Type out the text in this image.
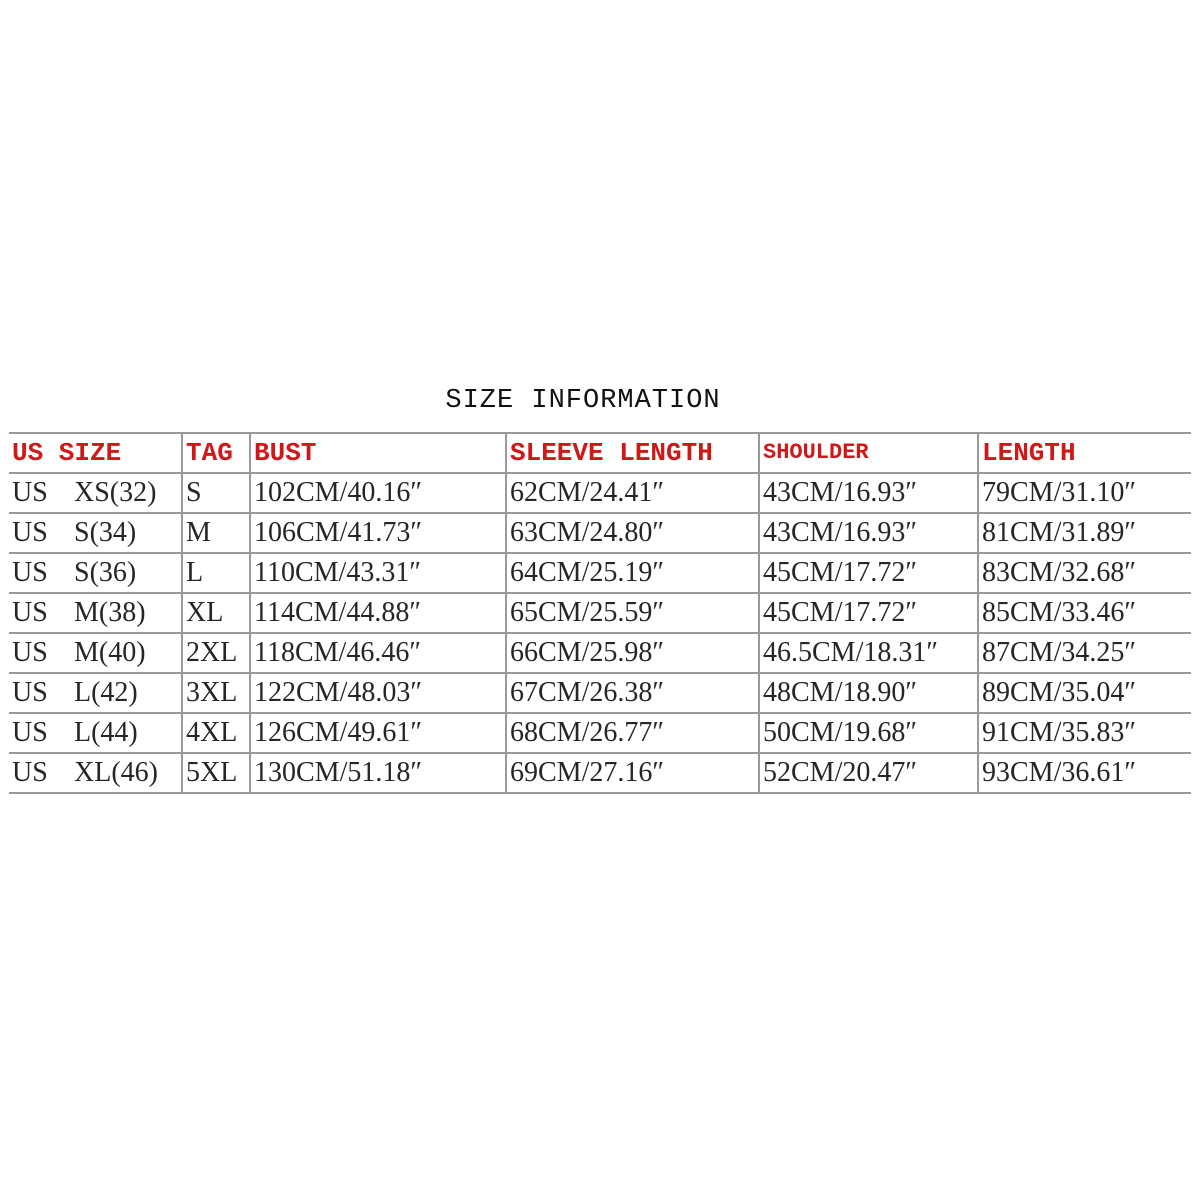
SIZE INFORMATION
US SIZE	TAG	BUST	SLEEVE LENGTH	SHOULDER	LENGTH

US XS(32)	S	102CM/40.16″	62CM/24.41″	43CM/16.93″	79CM/31.10″

US S(34)	M	106CM/41.73″	63CM/24.80″	43CM/16.93″	81CM/31.89″

US S(36)	L	110CM/43.31″	64CM/25.19″	45CM/17.72″	83CM/32.68″

US M(38)	XL	114CM/44.88″	65CM/25.59″	45CM/17.72″	85CM/33.46″

US M(40)	2XL	118CM/46.46″	66CM/25.98″	46.5CM/18.31″	87CM/34.25″

US L(42)	3XL	122CM/48.03″	67CM/26.38″	48CM/18.90″	89CM/35.04″

US L(44)	4XL	126CM/49.61″	68CM/26.77″	50CM/19.68″	91CM/35.83″

US XL(46)	5XL	130CM/51.18″	69CM/27.16″	52CM/20.47″	93CM/36.61″
